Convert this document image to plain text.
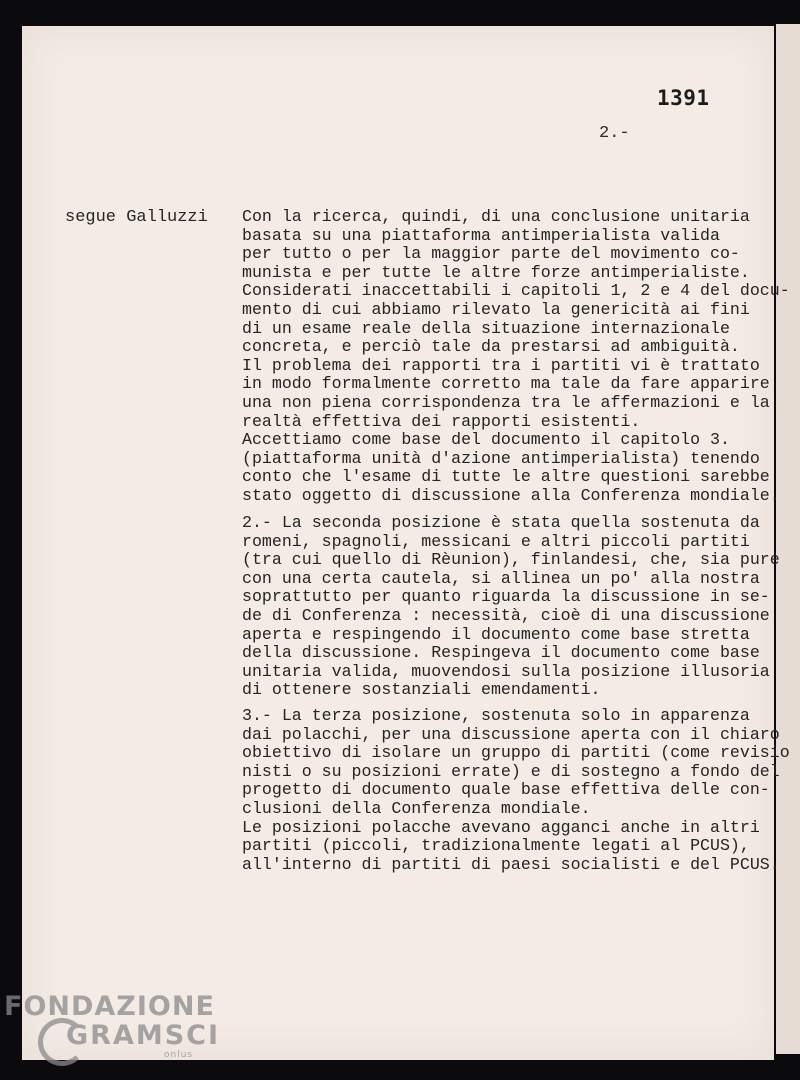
1391
2.-
segue Galluzzi Con la ricerca, quindi, di una conclusione unitaria
basata su una piattaforma antimperialista valida
per tutto o per la maggior parte del movimento co-
munista e per tutte le altre forze antimperialiste.
Considerati inaccettabili i capitoli 1, 2 e 4 del docu-
mento di cui abbiamo rilevato la genericità ai fini
di un esame reale della situazione internazionale
concreta, e perciò tale da prestarsi ad ambiguità.
Il problema dei rapporti tra i partiti vi è trattato
in modo formalmente corretto ma tale da fare apparire
una non piena corrispondenza tra le affermazioni e la
realtà effettiva dei rapporti esistenti.
Accettiamo come base del documento il capitolo 3.
(piattaforma unità d'azione antimperialista) tenendo
conto che l'esame di tutte le altre questioni sarebbe
stato oggetto di discussione alla Conferenza mondiale.
2.- La seconda posizione è stata quella sostenuta da
romeni, spagnoli, messicani e altri piccoli partiti
(tra cui quello di Rèunion), finlandesi, che, sia pure
con una certa cautela, si allinea un po' alla nostra
soprattutto per quanto riguarda la discussione in se-
de di Conferenza : necessità, cioè di una discussione
aperta e respingendo il documento come base stretta
della discussione. Respingeva il documento come base
unitaria valida, muovendosi sulla posizione illusoria
di ottenere sostanziali emendamenti.
3.- La terza posizione, sostenuta solo in apparenza
dai polacchi, per una discussione aperta con il chiaro
obiettivo di isolare un gruppo di partiti (come revisio
nisti o su posizioni errate) e di sostegno a fondo del
progetto di documento quale base effettiva delle con-
clusioni della Conferenza mondiale.
Le posizioni polacche avevano agganci anche in altri
partiti (piccoli, tradizionalmente legati al PCUS),
all'interno di partiti di paesi socialisti e del PCUS.
FONDAZIONE
GRAMSCI
onlus
